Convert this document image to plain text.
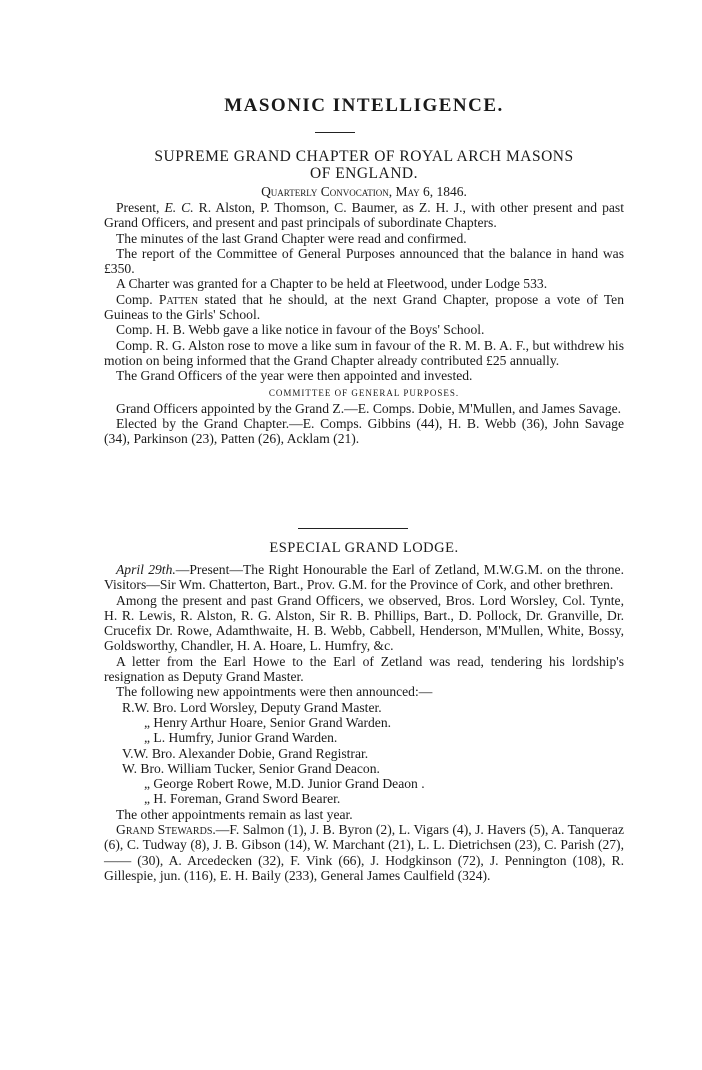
MASONIC INTELLIGENCE.
SUPREME GRAND CHAPTER OF ROYAL ARCH MASONS
OF ENGLAND.
Quarterly Convocation, May 6, 1846.

Present, E. C. R. Alston, P. Thomson, C. Baumer, as Z. H. J., with other present and past Grand Officers, and present and past principals of subordinate Chapters.

The minutes of the last Grand Chapter were read and confirmed.

The report of the Committee of General Purposes announced that the balance in hand was £350.

A Charter was granted for a Chapter to be held at Fleetwood, under Lodge 533.

Comp. Patten stated that he should, at the next Grand Chapter, propose a vote of Ten Guineas to the Girls' School.

Comp. H. B. Webb gave a like notice in favour of the Boys' School.

Comp. R. G. Alston rose to move a like sum in favour of the R. M. B. A. F., but withdrew his motion on being informed that the Grand Chapter already contributed £25 annually.

The Grand Officers of the year were then appointed and invested.

COMMITTEE OF GENERAL PURPOSES.

Grand Officers appointed by the Grand Z.—E. Comps. Dobie, M'Mullen, and James Savage.

Elected by the Grand Chapter.—E. Comps. Gibbins (44), H. B. Webb (36), John Savage (34), Parkinson (23), Patten (26), Acklam (21).

ESPECIAL GRAND LODGE.

April 29th.—Present—The Right Honourable the Earl of Zetland, M.W.G.M. on the throne. Visitors—Sir Wm. Chatterton, Bart., Prov. G.M. for the Province of Cork, and other brethren.

Among the present and past Grand Officers, we observed, Bros. Lord Worsley, Col. Tynte, H. R. Lewis, R. Alston, R. G. Alston, Sir R. B. Phillips, Bart., D. Pollock, Dr. Granville, Dr. Crucefix Dr. Rowe, Adamthwaite, H. B. Webb, Cabbell, Henderson, M'Mullen, White, Bossy, Goldsworthy, Chandler, H. A. Hoare, L. Humfry, &c.

A letter from the Earl Howe to the Earl of Zetland was read, tendering his lordship's resignation as Deputy Grand Master.

The following new appointments were then announced:—

R.W. Bro. Lord Worsley, Deputy Grand Master.

„ Henry Arthur Hoare, Senior Grand Warden.

„ L. Humfry, Junior Grand Warden.

V.W. Bro. Alexander Dobie, Grand Registrar.

W. Bro. William Tucker, Senior Grand Deacon.

„ George Robert Rowe, M.D. Junior Grand Deaon .

„ H. Foreman, Grand Sword Bearer.

The other appointments remain as last year.

Grand Stewards.—F. Salmon (1), J. B. Byron (2), L. Vigars (4), J. Havers (5), A. Tanqueraz (6), C. Tudway (8), J. B. Gibson (14), W. Marchant (21), L. L. Dietrichsen (23), C. Parish (27), —— (30), A. Arcedecken (32), F. Vink (66), J. Hodgkinson (72), J. Pennington (108), R. Gillespie, jun. (116), E. H. Baily (233), General James Caulfield (324).
